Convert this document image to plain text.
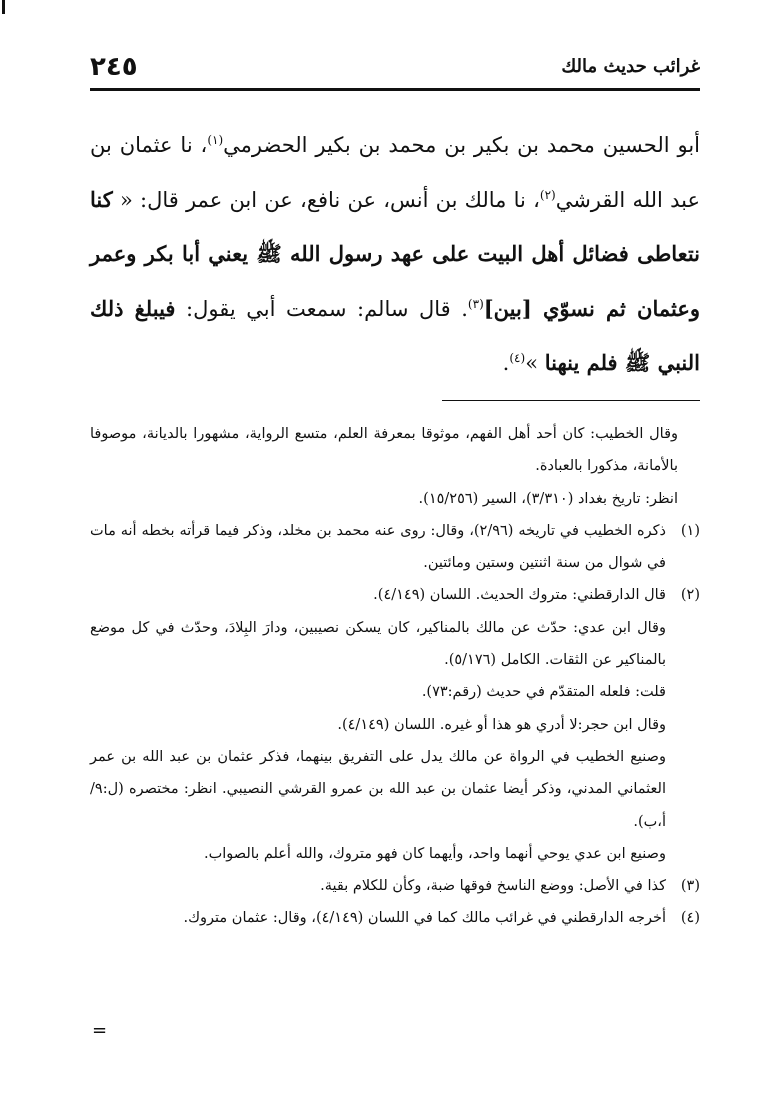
غرائب حديث مالك
٢٤٥
أبو الحسين محمد بن بكير بن محمد بن بكير الحضرمي$^{(١)}$، نا عثمان بن عبد الله القرشي$^{(٢)}$، نا مالك بن أنس، عن نافع، عن ابن عمر قال: « كنا نتعاطى فضائل أهل البيت على عهد رسول الله ﷺ يعني أبا بكر وعمر وعثمان ثم نسوّي [بين]$^{(٣)}$. قال سالم: سمعت أبي يقول: فيبلغ ذلك النبي ﷺ فلم ينهنا »$^{(٤)}$.

وقال الخطيب: كان أحد أهل الفهم، موثوقا بمعرفة العلم، متسع الرواية، مشهورا بالديانة، موصوفا بالأمانة، مذكورا بالعبادة.

انظر: تاريخ بغداد (٣/٣١٠)، السير (١٥/٢٥٦).

(١)ذكره الخطيب في تاريخه (٢/٩٦)، وقال: روى عنه محمد بن مخلد، وذكر فيما قرأته بخطه أنه مات في شوال من سنة اثنتين وستين ومائتين.

(٢)قال الدارقطني: متروك الحديث. اللسان (٤/١٤٩).

وقال ابن عدي: حدّث عن مالك بالمناكير، كان يسكن نصيبين، ودارَ البِلادَ، وحدّث في كل موضع بالمناكير عن الثقات. الكامل (٥/١٧٦).

قلت: فلعله المتقدّم في حديث (رقم:٧٣).

وقال ابن حجر:لا أدري هو هذا أو غيره. اللسان (٤/١٤٩).

وصنيع الخطيب في الرواة عن مالك يدل على التفريق بينهما، فذكر عثمان بن عبد الله بن عمر العثماني المدني، وذكر أيضا عثمان بن عبد الله بن عمرو القرشي النصيبي. انظر: مختصره (ل:٩/أ،ب).

وصنيع ابن عدي يوحي أنهما واحد، وأيهما كان فهو متروك، والله أعلم بالصواب.

(٣)كذا في الأصل: ووضع الناسخ فوقها ضبة، وكأن للكلام بقية.

(٤)أخرجه الدارقطني في غرائب مالك كما في اللسان (٤/١٤٩)، وقال: عثمان متروك.

=
